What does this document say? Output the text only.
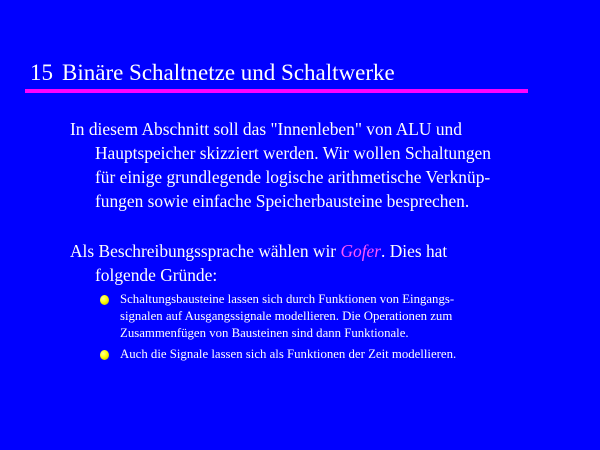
15 Binäre Schaltnetze und Schaltwerke
In diesem Abschnitt soll das "Innenleben" von ALU und
Hauptspeicher skizziert werden. Wir wollen Schaltungen
für einige grundlegende logische arithmetische Verknüp-
fungen sowie einfache Speicherbausteine besprechen.
Als Beschreibungssprache wählen wir Gofer. Dies hat
folgende Gründe:
Schaltungsbausteine lassen sich durch Funktionen von Eingangs-
signalen auf Ausgangssignale modellieren. Die Operationen zum
Zusammenfügen von Bausteinen sind dann Funktionale.
Auch die Signale lassen sich als Funktionen der Zeit modellieren.
